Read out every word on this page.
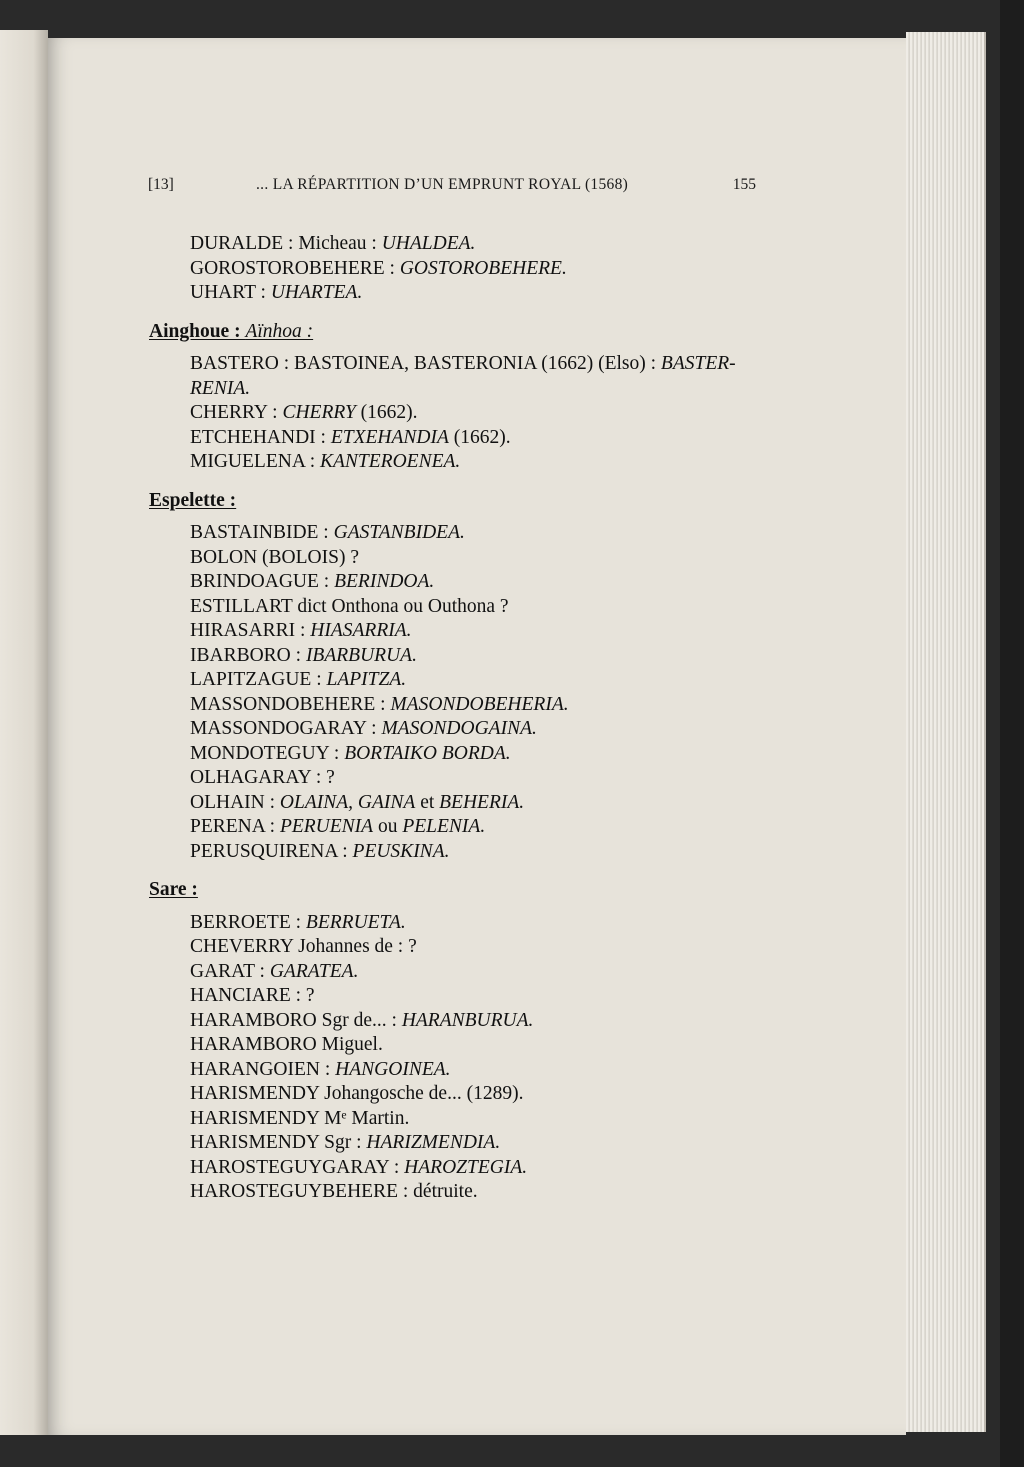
[13]	... LA RÉPARTITION D’UN EMPRUNT ROYAL (1568)	155
DURALDE : Micheau : UHALDEA.
GOROSTOROBEHERE : GOSTOROBEHERE.
UHART : UHARTEA.
Ainghoue : Aïnhoa :
BASTERO : BASTOINEA, BASTERONIA (1662) (Elso) : BASTER-RENIA.
CHERRY : CHERRY (1662).
ETCHEHANDI : ETXEHANDIA (1662).
MIGUELENA : KANTEROENEA.
Espelette :
BASTAINBIDE : GASTANBIDEA.
BOLON (BOLOIS) ?
BRINDOAGUE : BERINDOA.
ESTILLART dict Onthona ou Outhona ?
HIRASARRI : HIASARRIA.
IBARBORO : IBARBURUA.
LAPITZAGUE : LAPITZA.
MASSONDOBEHERE : MASONDOBEHERIA.
MASSONDOGARAY : MASONDOGAINA.
MONDOTEGUY : BORTAIKO BORDA.
OLHAGARAY : ?
OLHAIN : OLAINA, GAINA et BEHERIA.
PERENA : PERUENIA ou PELENIA.
PERUSQUIRENA : PEUSKINA.
Sare :
BERROETE : BERRUETA.
CHEVERRY Johannes de : ?
GARAT : GARATEA.
HANCIARE : ?
HARAMBORO Sgr de... : HARANBURUA.
HARAMBORO Miguel.
HARANGOIEN : HANGOINEA.
HARISMENDY Johangosche de... (1289).
HARISMENDY Mᵉ Martin.
HARISMENDY Sgr : HARIZMENDIA.
HAROSTEGUYGARAY : HAROZTEGIA.
HAROSTEGUYBEHERE : détruite.
